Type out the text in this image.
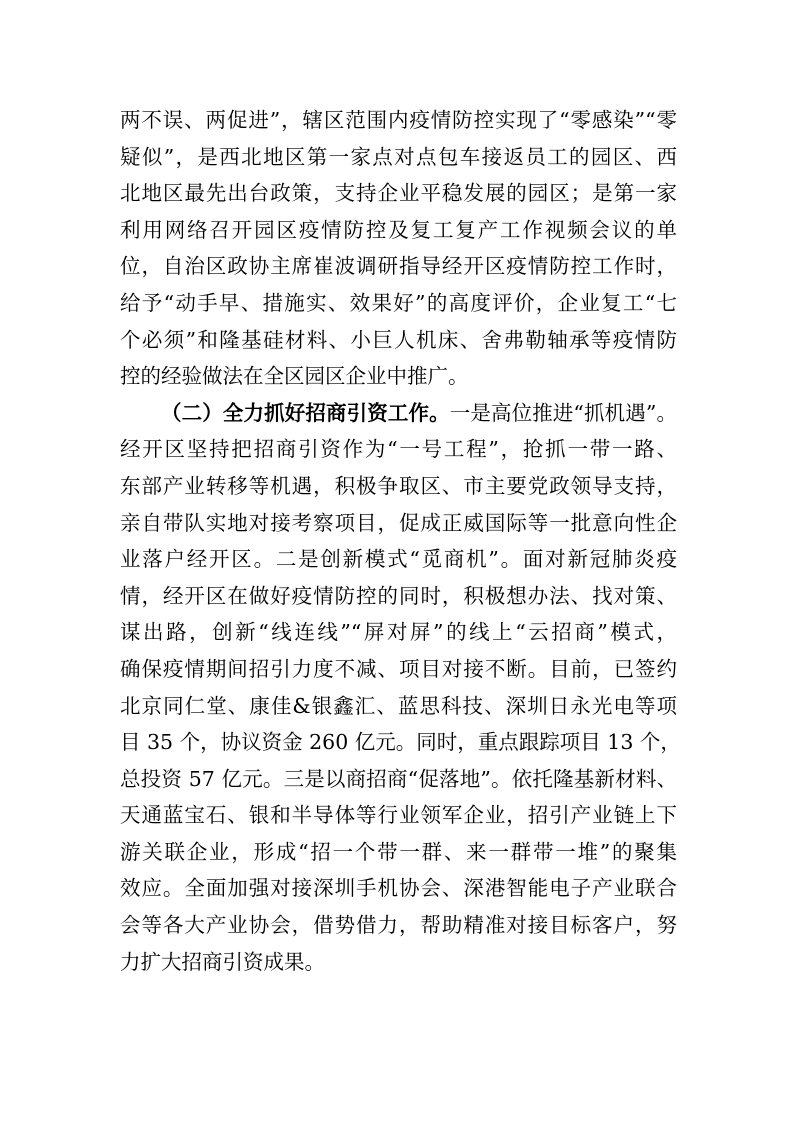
两不误、两促进”，辖区范围内疫情防控实现了“零感染”“零
疑似”，是西北地区第一家点对点包车接返员工的园区、西
北地区最先出台政策，支持企业平稳发展的园区；是第一家
利用网络召开园区疫情防控及复工复产工作视频会议的单
位，自治区政协主席崔波调研指导经开区疫情防控工作时，
给予“动手早、措施实、效果好”的高度评价，企业复工“七
个必须”和隆基硅材料、小巨人机床、舍弗勒轴承等疫情防
控的经验做法在全区园区企业中推广。
（二）全力抓好招商引资工作。一是高位推进“抓机遇”。
经开区坚持把招商引资作为“一号工程”，抢抓一带一路、
东部产业转移等机遇，积极争取区、市主要党政领导支持，
亲自带队实地对接考察项目，促成正威国际等一批意向性企
业落户经开区。二是创新模式“觅商机”。面对新冠肺炎疫
情，经开区在做好疫情防控的同时，积极想办法、找对策、
谋出路，创新“线连线”“屏对屏”的线上“云招商”模式，
确保疫情期间招引力度不减、项目对接不断。目前，已签约
北京同仁堂、康佳&银鑫汇、蓝思科技、深圳日永光电等项
目 35 个，协议资金 260 亿元。同时，重点跟踪项目 13 个，
总投资 57 亿元。三是以商招商“促落地”。依托隆基新材料、
天通蓝宝石、银和半导体等行业领军企业，招引产业链上下
游关联企业，形成“招一个带一群、来一群带一堆”的聚集
效应。全面加强对接深圳手机协会、深港智能电子产业联合
会等各大产业协会，借势借力，帮助精准对接目标客户，努
力扩大招商引资成果。
